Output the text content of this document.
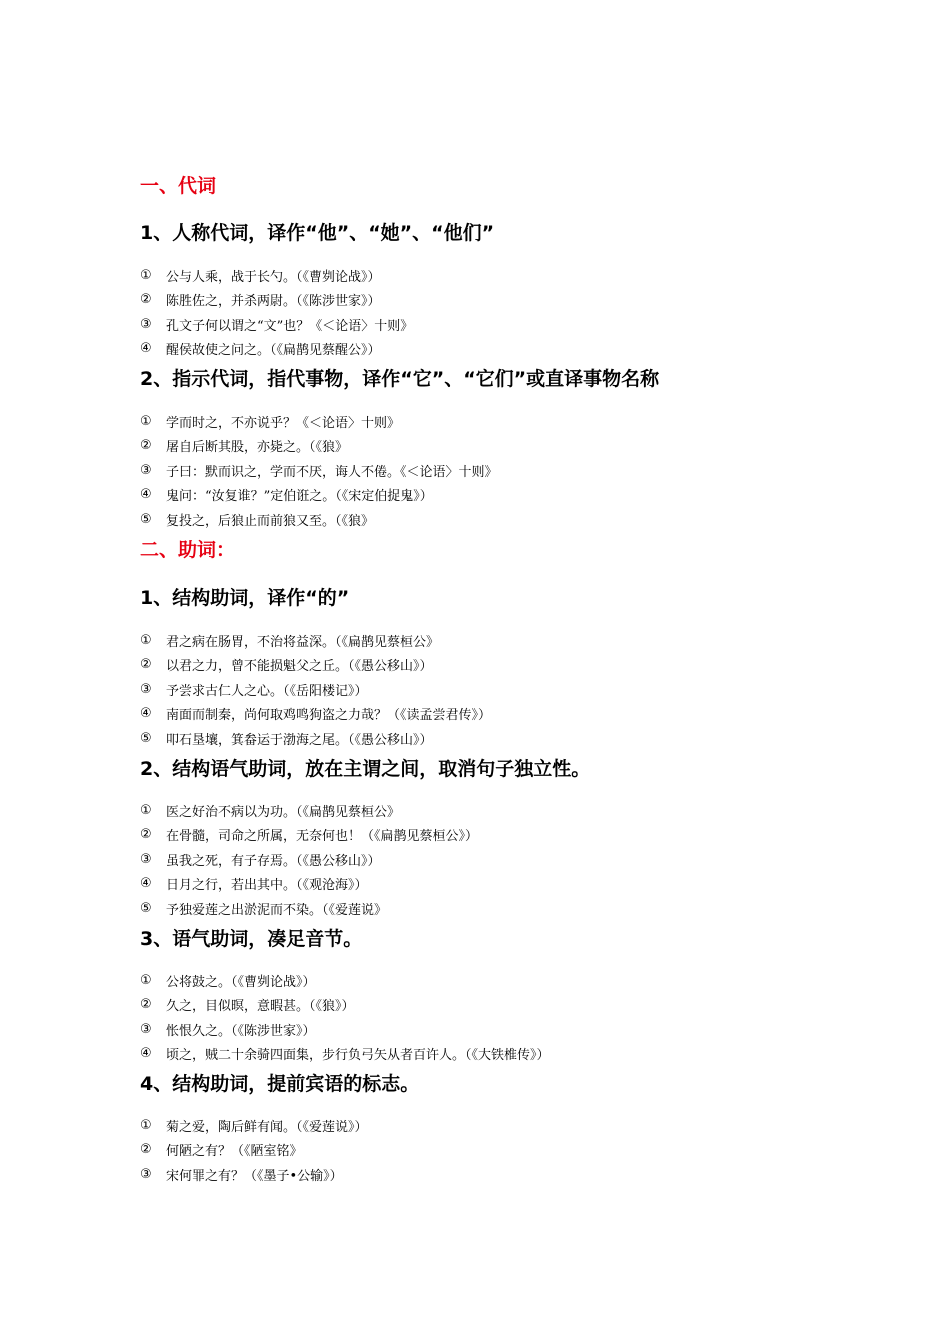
一、代词
1、人称代词，译作“他”、“她”、“他们”
①	公与人乘，战于长勺。（《曹刿论战》）
②	陈胜佐之，并杀两尉。（《陈涉世家》）
③	孔文子何以谓之“文”也？《＜论语〉十则》
④	醒侯故使之问之。（《扁鹊见蔡醒公》）
2、指示代词，指代事物，译作“它”、“它们”或直译事物名称
①	学而时之，不亦说乎？《＜论语〉十则》
②	屠自后断其股，亦毙之。（《狼》
③	子曰：默而识之，学而不厌，诲人不倦。《＜论语〉十则》
④	鬼问：“汝复谁？”定伯诳之。（《宋定伯捉鬼》）
⑤	复投之，后狼止而前狼又至。（《狼》
二、助词：
1、结构助词，译作“的”
①	君之病在肠胃，不治将益深。（《扁鹊见蔡桓公》
②	以君之力，曾不能损魁父之丘。（《愚公移山》）
③	予尝求古仁人之心。（《岳阳楼记》）
④	南面而制秦，尚何取鸡鸣狗盗之力哉？（《读孟尝君传》）
⑤	叩石垦壤，箕畚运于渤海之尾。（《愚公移山》）
2、结构语气助词，放在主谓之间，取消句子独立性。
①	医之好治不病以为功。（《扁鹊见蔡桓公》
②	在骨髓，司命之所属，无奈何也！（《扁鹊见蔡桓公》）
③	虽我之死，有子存焉。（《愚公移山》）
④	日月之行，若出其中。（《观沧海》）
⑤	予独爱莲之出淤泥而不染。（《爱莲说》
3、语气助词，凑足音节。
①	公将鼓之。（《曹刿论战》）
②	久之，目似暝，意暇甚。（《狼》）
③	怅恨久之。（《陈涉世家》）
④	顷之，贼二十余骑四面集，步行负弓矢从者百许人。（《大铁椎传》）
4、结构助词，提前宾语的标志。
①	菊之爱，陶后鲜有闻。（《爱莲说》）
②	何陋之有？（《陋室铭》
③	宋何罪之有？（《墨子•公输》）
